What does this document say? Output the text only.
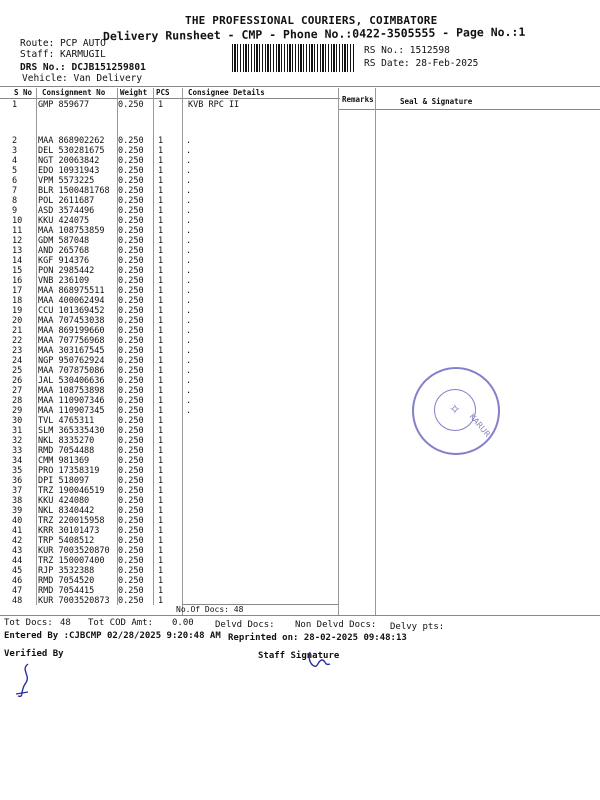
THE PROFESSIONAL COURIERS, COIMBATORE
Delivery Runsheet - CMP - Phone No.:0422-3505555 - Page No.:1
Route: PCP AUTO
Staff: KARMUGIL
DRS No.: DCJB151259801
Vehicle: Van Delivery
RS No.: 1512598
RS Date: 28-Feb-2025
S No Consignment No Weight PCS Consignee Details
Remarks	Seal & Signature
1 GMP 859677	0.250 1	KVB RPC II
2 MAA 868902262 0.250 1	.
3 DEL 530281675 0.250 1	.
4 NGT 20063842 0.250 1	.
5 EDO 10931943 0.250 1	.
6 VPM 5573225	0.250 1	.
7 BLR 1500481768 0.250 1	.
8 POL 2611687	0.250 1	.
9 ASD 3574496	0.250 1	.
10 KKU 424075	0.250 1	.
11 MAA 108753859 0.250 1	.
12 GDM 587048	0.250 1	.
13 AND 265768	0.250 1	.
14 KGF 914376	0.250 1	.
15 PON 2985442	0.250 1	.
16 VNB 236109	0.250 1	.
17 MAA 868975511 0.250 1	.
18 MAA 400062494 0.250 1	.
19 CCU 101369452 0.250 1	.
20 MAA 707453038 0.250 1	.
21 MAA 869199660 0.250 1	.
22 MAA 707756968 0.250 1	.
23 MAA 303167545 0.250 1	.
24 NGP 950762924 0.250 1	.
25 MAA 707875086 0.250 1	.
26 JAL 530406636 0.250 1	.
27 MAA 108753898 0.250 1	.
28 MAA 110907346 0.250 1	.
29 MAA 110907345 0.250 1	.
30 TVL 4765311	0.250 1
31 SLM 365335430 0.250 1
32 NKL 8335270	0.250 1
33 RMD 7054488	0.250 1
34 CMM 981369	0.250 1
35 PRO 17358319 0.250 1
36 DPI 518097	0.250 1
37 TRZ 190046519 0.250 1
38 KKU 424080	0.250 1
39 NKL 8340442	0.250 1
40 TRZ 220015958 0.250 1
41 KRR 30101473 0.250 1
42 TRP 5408512	0.250 1
43 KUR 7003520870 0.250 1
44 TRZ 150007400 0.250 1
45 RJP 3532388	0.250 1
46 RMD 7054520	0.250 1
47 RMD 7054415	0.250 1
48 KUR 7003520873 0.250 1
No.Of Docs: 48
✧
KARUR
Tot Docs: 48 Tot COD Amt: 0.00 Delvd Docs: Non Delvd Docs: Delvy pts:
Entered By :CJBCMP 02/28/2025 9:20:48 AM Reprinted on: 28-02-2025 09:48:13
Verified By	Staff Signature
